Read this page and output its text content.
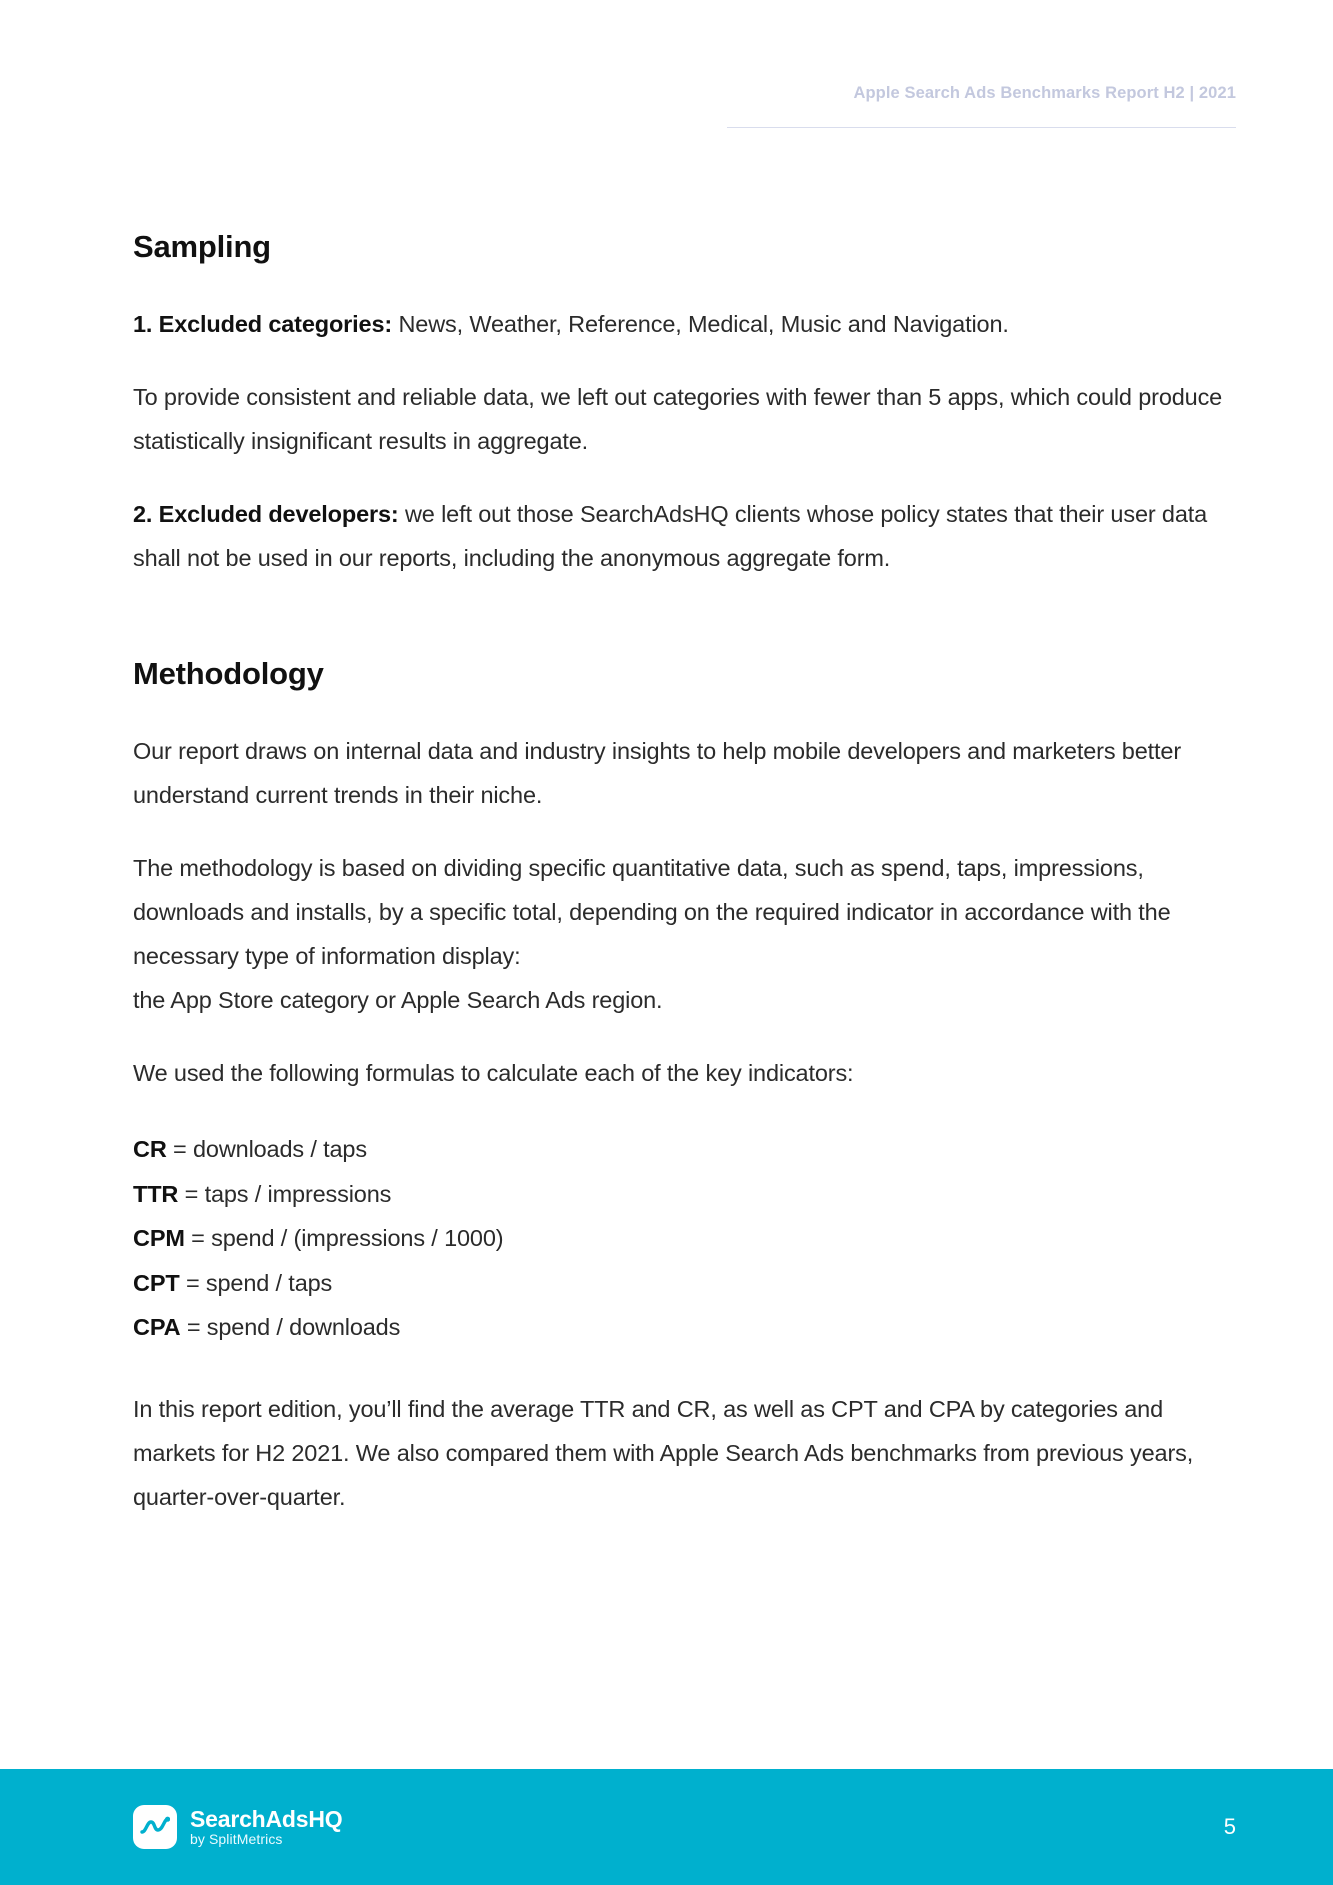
Apple Search Ads Benchmarks Report H2 | 2021
Sampling

1. Excluded categories: News, Weather, Reference, Medical, Music and Navigation.

To provide consistent and reliable data, we left out categories with fewer than 5 apps, which could produce statistically insignificant results in aggregate.

2. Excluded developers: we left out those SearchAdsHQ clients whose policy states that their user data shall not be used in our reports, including the anonymous aggregate form.

Methodology

Our report draws on internal data and industry insights to help mobile developers and marketers better understand current trends in their niche.

The methodology is based on dividing specific quantitative data, such as spend, taps, impressions, downloads and installs, by a specific total, depending on the required indicator in accordance with the necessary type of information display:
the App Store category or Apple Search Ads region.

We used the following formulas to calculate each of the key indicators:

CR = downloads / taps
TTR = taps / impressions
CPM = spend / (impressions / 1000)
CPT = spend / taps
CPA = spend / downloads

In this report edition, you’ll find the average TTR and CR, as well as CPT and CPA by categories and markets for H2 2021. We also compared them with Apple Search Ads benchmarks from previous years, quarter-over-quarter.

SearchAdsHQ
by SplitMetrics
5
